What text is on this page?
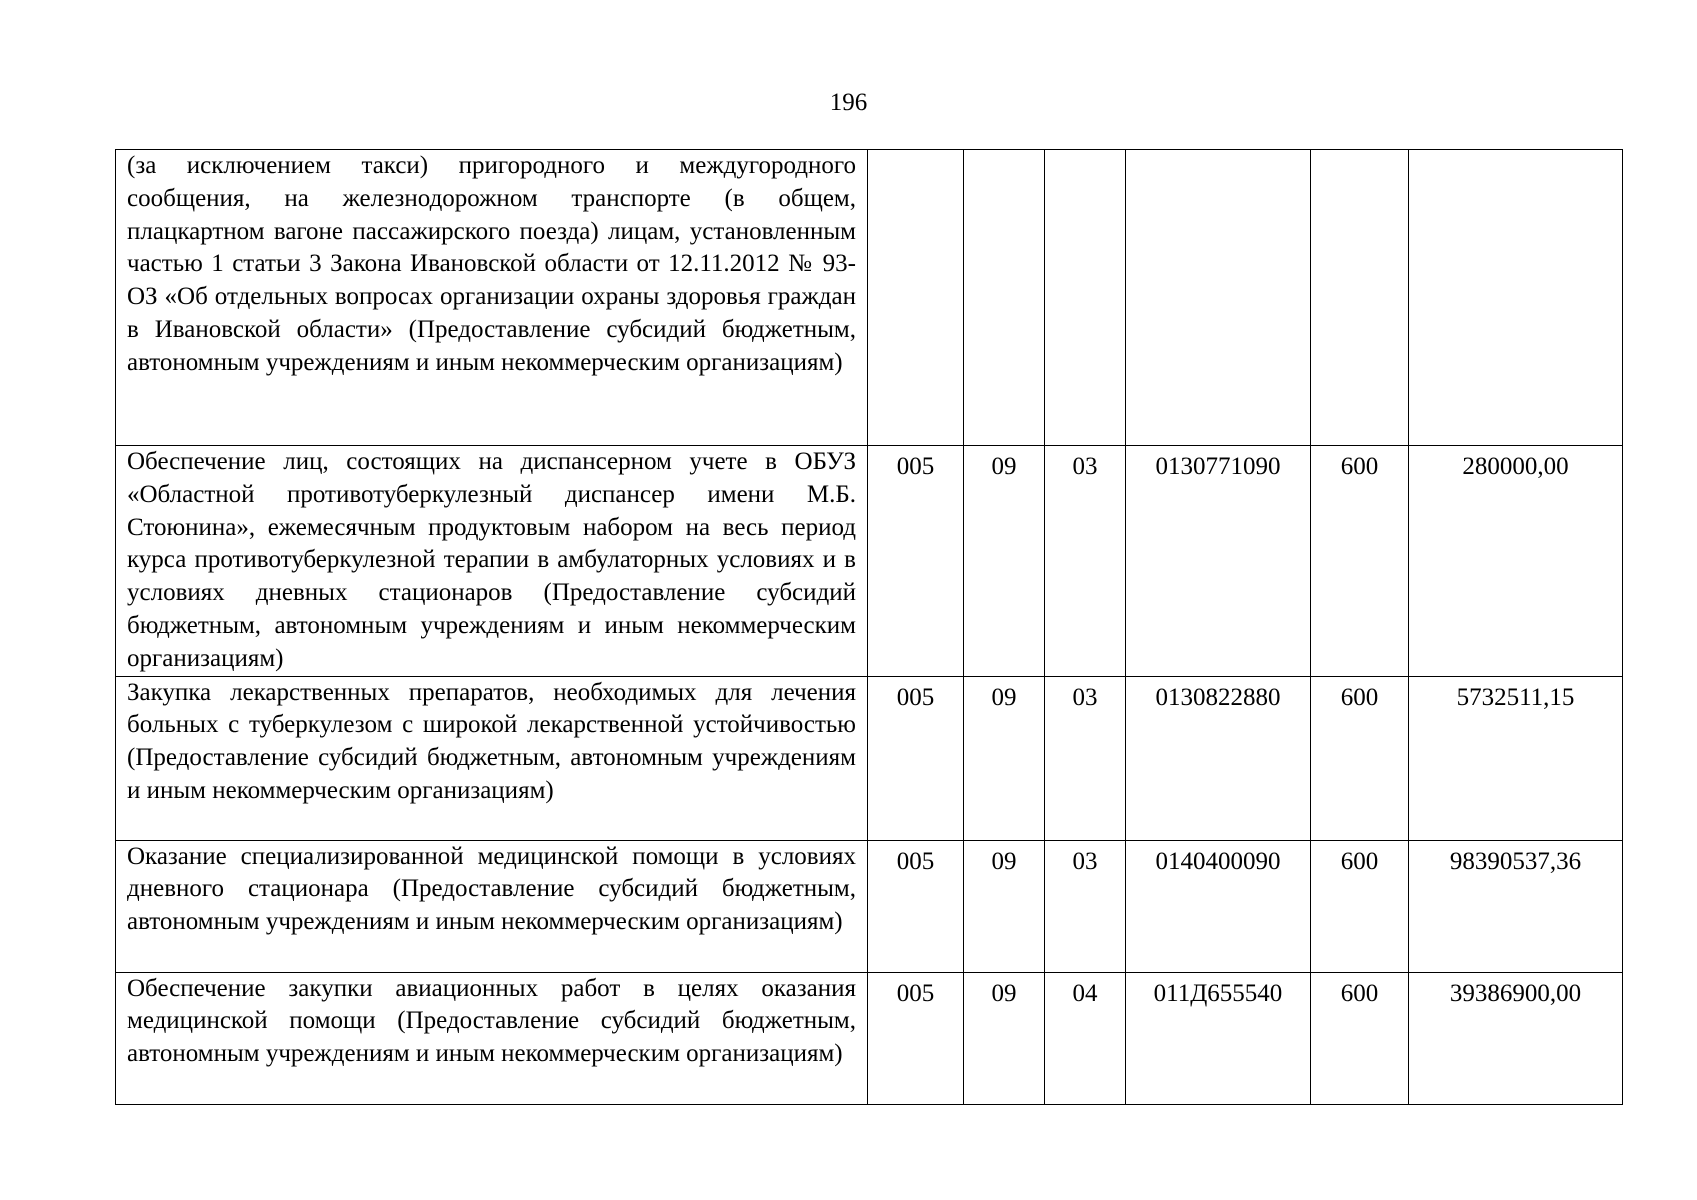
196
(за исключением такси) пригородного и междугородного сообщения, на железнодорожном транспорте (в общем, плацкартном вагоне пассажирского поезда) лицам, установленным частью 1 статьи 3 Закона Ивановской области от 12.11.2012 № 93-ОЗ «Об отдельных вопросах организации охраны здоровья граждан в Ивановской области» (Предоставление субсидий бюджетным, автономным учреждениям и иным некоммерческим организациям)						
Обеспечение лиц, состоящих на диспансерном учете в ОБУЗ «Областной противотуберкулезный диспансер имени М.Б. Стоюнина», ежемесячным продуктовым набором на весь период курса противотуберкулезной терапии в амбулаторных условиях и в условиях дневных стационаров (Предоставление субсидий бюджетным, автономным учреждениям и иным некоммерческим организациям)	005	09	03	0130771090	600	280000,00
Закупка лекарственных препаратов, необходимых для лечения больных с туберкулезом с широкой лекарственной устойчивостью (Предоставление субсидий бюджетным, автономным учреждениям и иным некоммерческим организациям)	005	09	03	0130822880	600	5732511,15
Оказание специализированной медицинской помощи в условиях дневного стационара (Предоставление субсидий бюджетным, автономным учреждениям и иным некоммерческим организациям)	005	09	03	0140400090	600	98390537,36
Обеспечение закупки авиационных работ в целях оказания медицинской помощи (Предоставление субсидий бюджетным, автономным учреждениям и иным некоммерческим организациям)	005	09	04	011Д655540	600	39386900,00
